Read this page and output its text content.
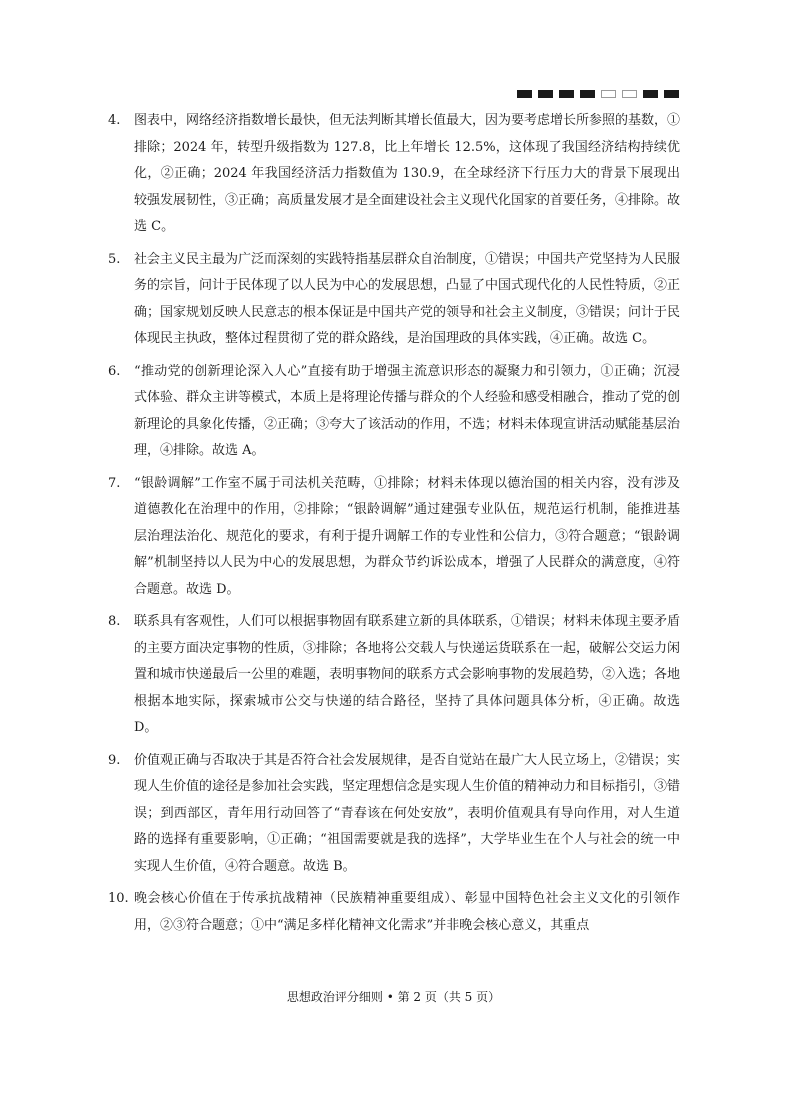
4. 图表中，网络经济指数增长最快，但无法判断其增长值最大，因为要考虑增长所参照的基数，①排除；2024 年，转型升级指数为 127.8，比上年增长 12.5%，这体现了我国经济结构持续优化，②正确；2024 年我国经济活力指数值为 130.9，在全球经济下行压力大的背景下展现出较强发展韧性，③正确；高质量发展才是全面建设社会主义现代化国家的首要任务，④排除。故选 C。
5. 社会主义民主最为广泛而深刻的实践特指基层群众自治制度，①错误；中国共产党坚持为人民服务的宗旨，问计于民体现了以人民为中心的发展思想，凸显了中国式现代化的人民性特质，②正确；国家规划反映人民意志的根本保证是中国共产党的领导和社会主义制度，③错误；问计于民体现民主执政，整体过程贯彻了党的群众路线，是治国理政的具体实践，④正确。故选 C。
6. “推动党的创新理论深入人心”直接有助于增强主流意识形态的凝聚力和引领力，①正确；沉浸式体验、群众主讲等模式，本质上是将理论传播与群众的个人经验和感受相融合，推动了党的创新理论的具象化传播，②正确；③夸大了该活动的作用，不选；材料未体现宣讲活动赋能基层治理，④排除。故选 A。
7. “银龄调解”工作室不属于司法机关范畴，①排除；材料未体现以德治国的相关内容，没有涉及道德教化在治理中的作用，②排除；“银龄调解”通过建强专业队伍，规范运行机制，能推进基层治理法治化、规范化的要求，有利于提升调解工作的专业性和公信力，③符合题意；“银龄调解”机制坚持以人民为中心的发展思想，为群众节约诉讼成本，增强了人民群众的满意度，④符合题意。故选 D。
8. 联系具有客观性，人们可以根据事物固有联系建立新的具体联系，①错误；材料未体现主要矛盾的主要方面决定事物的性质，③排除；各地将公交载人与快递运货联系在一起，破解公交运力闲置和城市快递最后一公里的难题，表明事物间的联系方式会影响事物的发展趋势，②入选；各地根据本地实际，探索城市公交与快递的结合路径，坚持了具体问题具体分析，④正确。故选 D。
9. 价值观正确与否取决于其是否符合社会发展规律，是否自觉站在最广大人民立场上，②错误；实现人生价值的途径是参加社会实践，坚定理想信念是实现人生价值的精神动力和目标指引，③错误；到西部区，青年用行动回答了“青春该在何处安放”，表明价值观具有导向作用，对人生道路的选择有重要影响，①正确；“祖国需要就是我的选择”，大学毕业生在个人与社会的统一中实现人生价值，④符合题意。故选 B。
10. 晚会核心价值在于传承抗战精神（民族精神重要组成）、彰显中国特色社会主义文化的引领作用，②③符合题意；①中“满足多样化精神文化需求”并非晚会核心意义，其重点
思想政治评分细则 • 第 2 页（共 5 页）
